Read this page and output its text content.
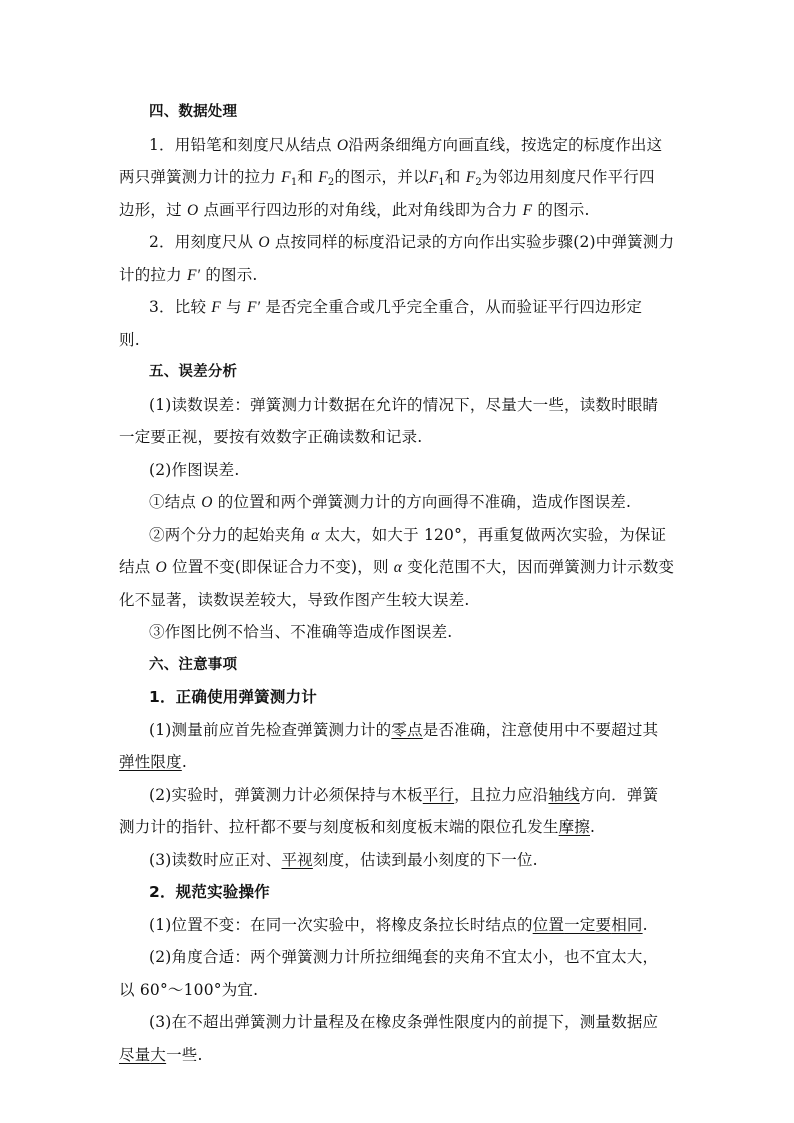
四、数据处理
1．用铅笔和刻度尺从结点 O沿两条细绳方向画直线，按选定的标度作出这
两只弹簧测力计的拉力 $F_1$和 $F_2$的图示，并以$F_1$和 $F_2$为邻边用刻度尺作平行四
边形，过 O 点画平行四边形的对角线，此对角线即为合力 F 的图示.
2．用刻度尺从 O 点按同样的标度沿记录的方向作出实验步骤(2)中弹簧测力
计的拉力 F′ 的图示.
3．比较 F 与 F′ 是否完全重合或几乎完全重合，从而验证平行四边形定
则.
五、误差分析
(1)读数误差：弹簧测力计数据在允许的情况下，尽量大一些，读数时眼睛
一定要正视，要按有效数字正确读数和记录.
(2)作图误差.
①结点 O 的位置和两个弹簧测力计的方向画得不准确，造成作图误差.
②两个分力的起始夹角 α 太大，如大于 120°，再重复做两次实验，为保证
结点 O 位置不变(即保证合力不变)，则 α 变化范围不大，因而弹簧测力计示数变
化不显著，读数误差较大，导致作图产生较大误差.
③作图比例不恰当、不准确等造成作图误差.
六、注意事项
1．正确使用弹簧测力计
(1)测量前应首先检查弹簧测力计的零点是否准确，注意使用中不要超过其
弹性限度.
(2)实验时，弹簧测力计必须保持与木板平行，且拉力应沿轴线方向．弹簧
测力计的指针、拉杆都不要与刻度板和刻度板末端的限位孔发生摩擦.
(3)读数时应正对、平视刻度，估读到最小刻度的下一位.
2．规范实验操作
(1)位置不变：在同一次实验中，将橡皮条拉长时结点的位置一定要相同.
(2)角度合适：两个弹簧测力计所拉细绳套的夹角不宜太小，也不宜太大，
以 60°～100°为宜.
(3)在不超出弹簧测力计量程及在橡皮条弹性限度内的前提下，测量数据应
尽量大一些.
